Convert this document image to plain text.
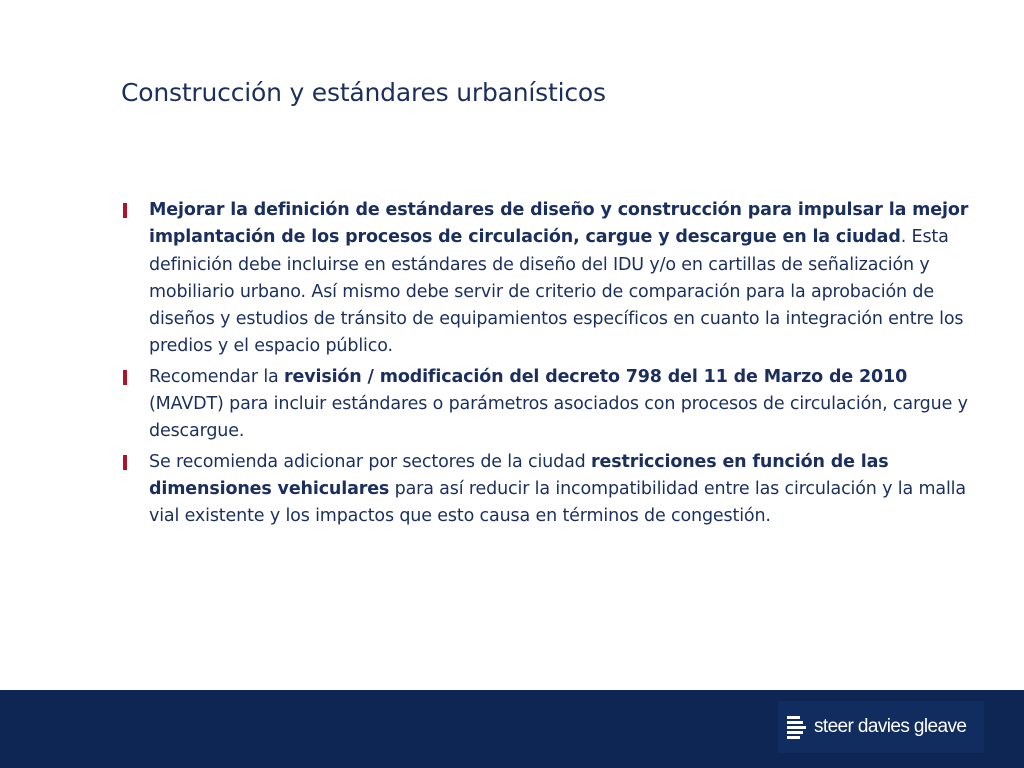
Construcción y estándares urbanísticos
Mejorar la definición de estándares de diseño y construcción para impulsar la mejor implantación de los procesos de circulación, cargue y descargue en la ciudad. Esta definición debe incluirse en estándares de diseño del IDU y/o en cartillas de señalización y mobiliario urbano. Así mismo debe servir de criterio de comparación para la aprobación de diseños y estudios de tránsito de equipamientos específicos en cuanto la integración entre los predios y el espacio público.
Recomendar la revisión / modificación del decreto 798 del 11 de Marzo de 2010 (MAVDT) para incluir estándares o parámetros asociados con procesos de circulación, cargue y descargue.
Se recomienda adicionar por sectores de la ciudad restricciones en función de las dimensiones vehiculares para así reducir la incompatibilidad entre las circulación y la malla vial existente y los impactos que esto causa en términos de congestión.
steer davies gleave
